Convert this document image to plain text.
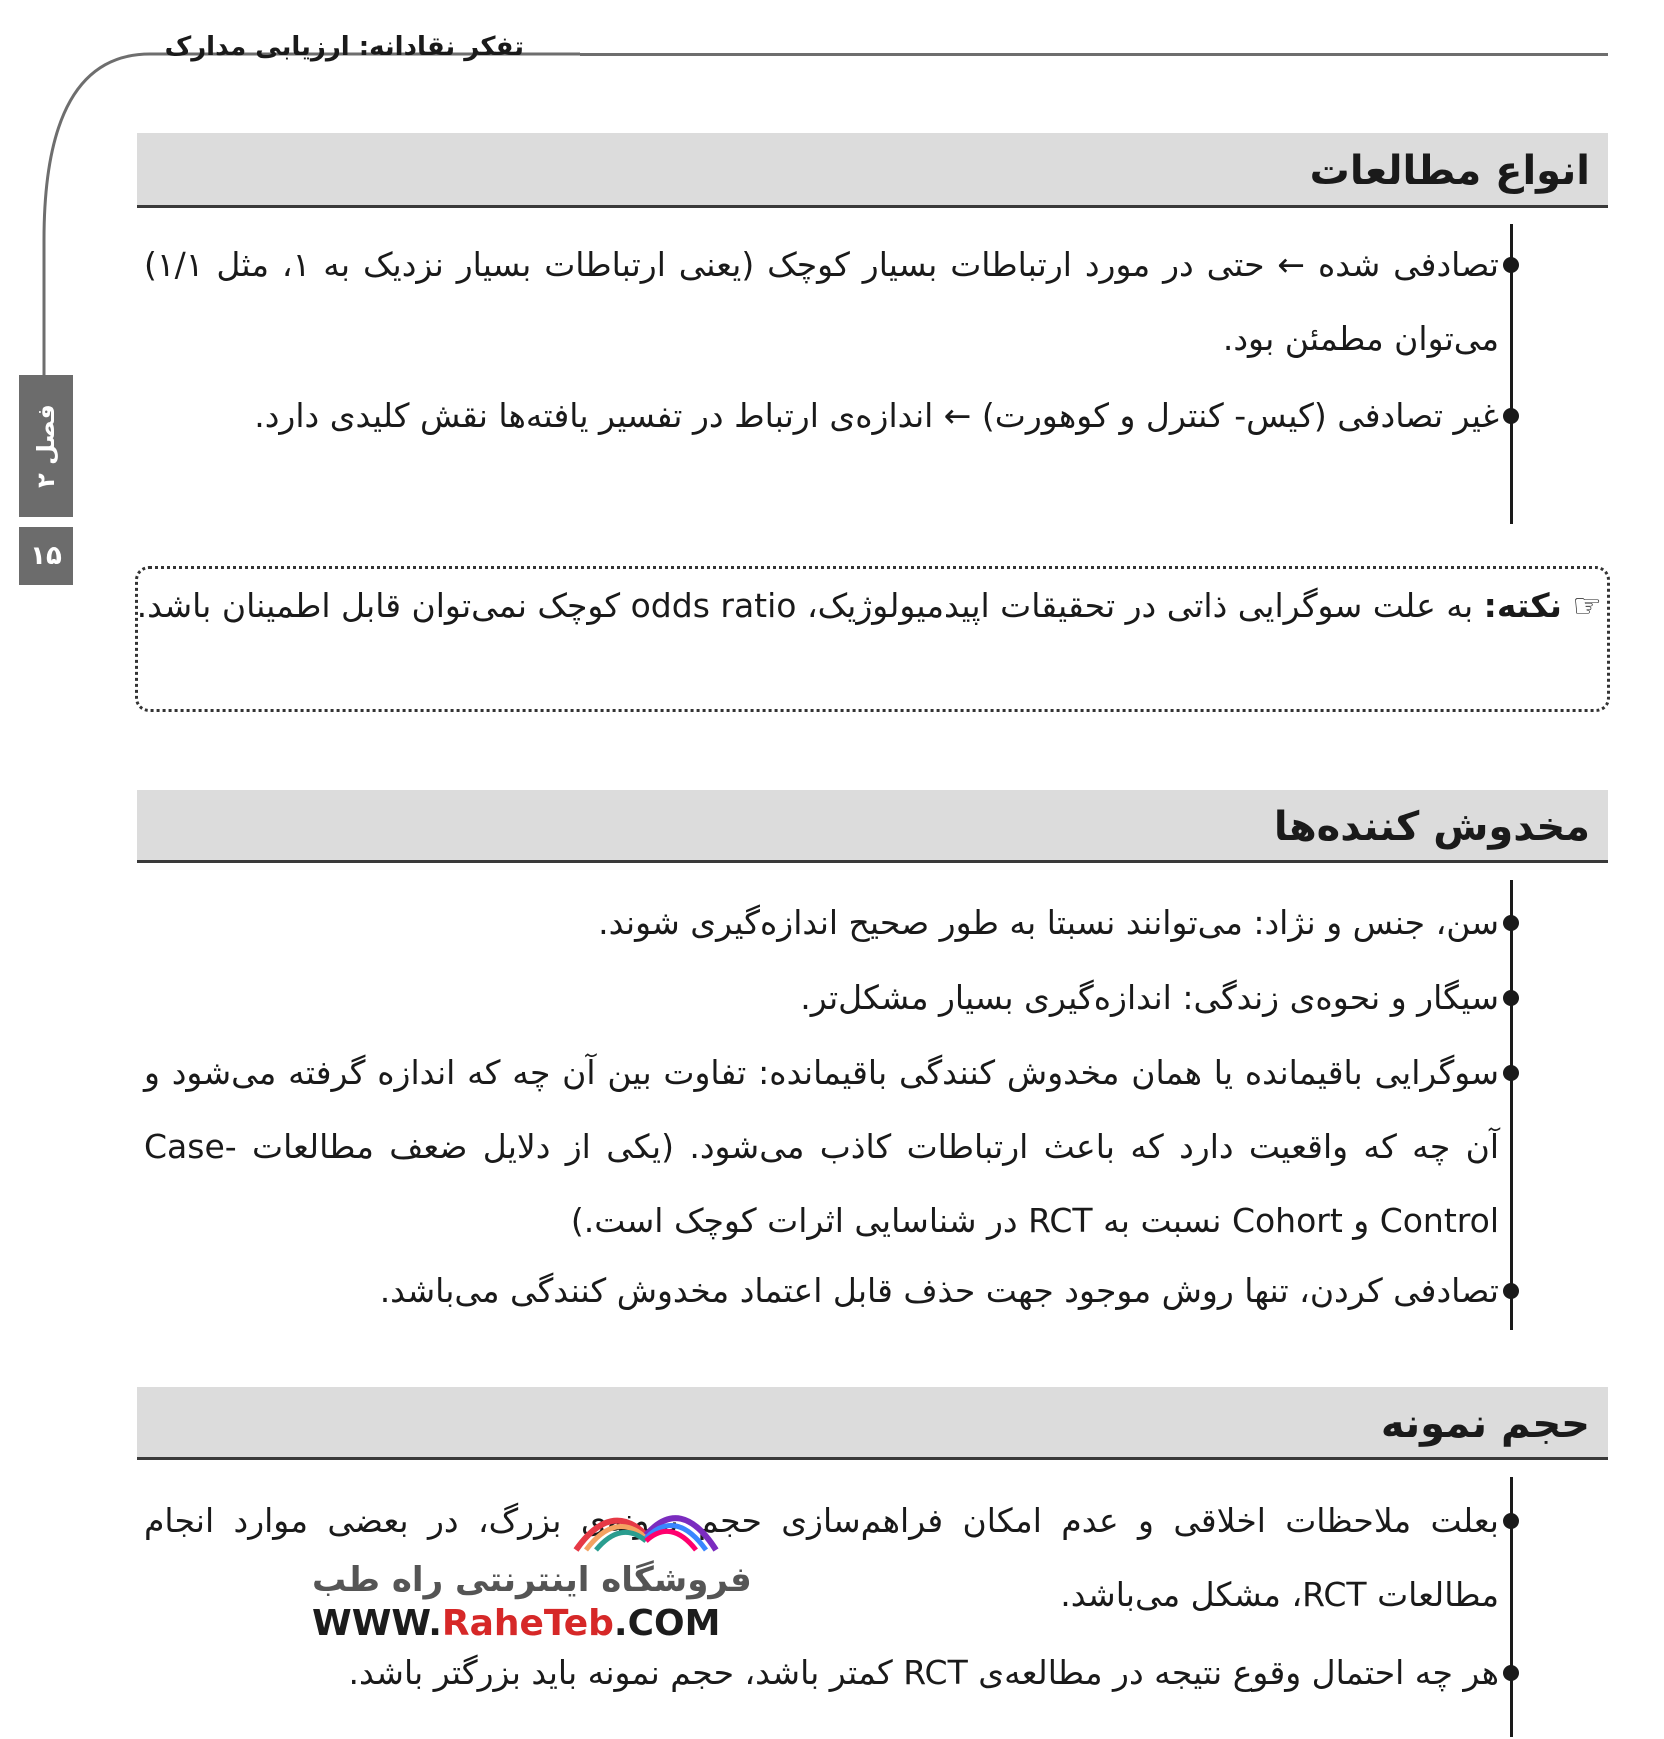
تفکر نقادانه: ارزیابی مدارک
فصل ۲
۱۵
انواع مطالعات
تصادفی شده ← حتی در مورد ارتباطات بسیار کوچک (یعنی ارتباطات بسیار نزدیک به ۱، مثل ۱/۱) می‌توان مطمئن بود.
غیر تصادفی (کیس- کنترل و کوهورت) ← اندازه‌ی ارتباط در تفسیر یافته‌ها نقش کلیدی دارد.
☞ نکته: به علت سوگرایی ذاتی در تحقیقات اپیدمیولوژیک، odds ratio کوچک نمی‌توان قابل اطمینان باشد.
مخدوش کننده‌ها
سن، جنس و نژاد: می‌توانند نسبتا به طور صحیح اندازه‌گیری شوند.
سیگار و نحوه‌ی زندگی: اندازه‌گیری بسیار مشکل‌تر.
سوگرایی باقیمانده یا همان مخدوش کنندگی باقیمانده: تفاوت بین آن چه که اندازه گرفته می‌شود و آن چه که واقعیت دارد که باعث ارتباطات کاذب می‌شود. (یکی از دلایل ضعف مطالعات Case- Control و Cohort نسبت به RCT در شناسایی اثرات کوچک است.)
تصادفی کردن، تنها روش موجود جهت حذف قابل اعتماد مخدوش کنندگی می‌باشد.
حجم نمونه
بعلت ملاحظات اخلاقی و عدم امکان فراهم‌سازی حجم نمونه‌ی بزرگ، در بعضی موارد انجام مطالعات RCT، مشکل می‌باشد.
هر چه احتمال وقوع نتیجه در مطالعه‌ی RCT کمتر باشد، حجم نمونه باید بزرگتر باشد.
فروشگاه اینترنتی راه طب
WWW.RaheTeb.COM
